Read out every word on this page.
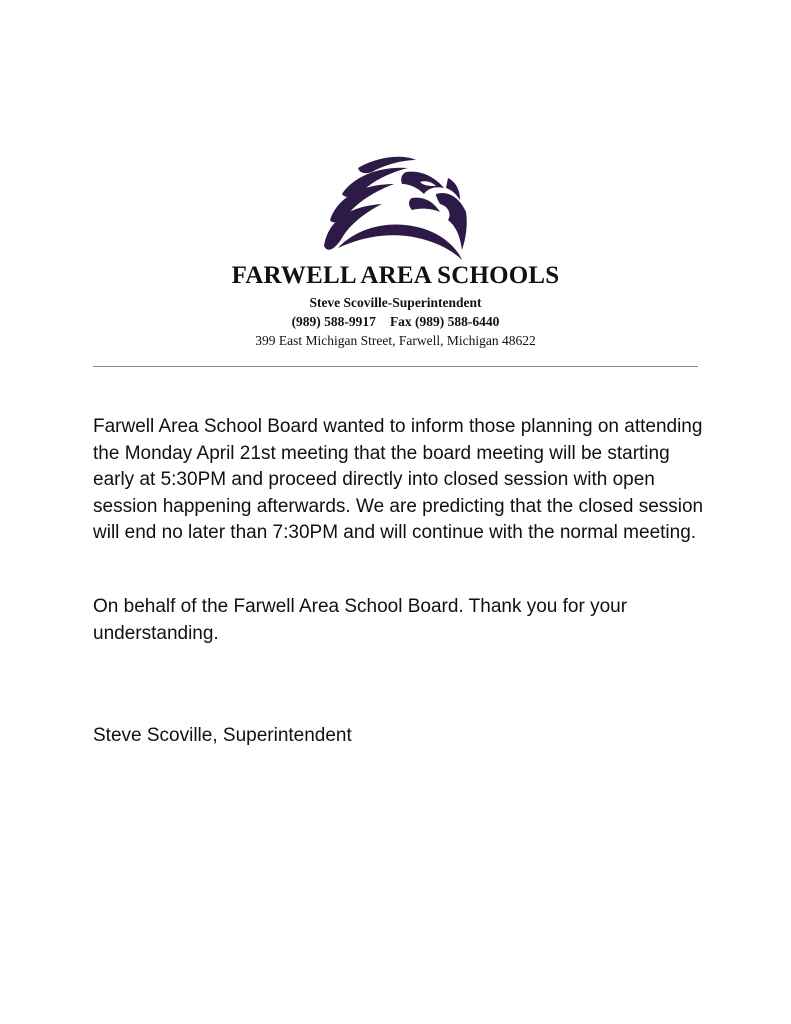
FARWELL AREA SCHOOLS
Steve Scoville-Superintendent
(989) 588-9917 Fax (989) 588-6440
399 East Michigan Street, Farwell, Michigan 48622

Farwell Area School Board wanted to inform those planning on attending the Monday April 21st meeting that the board meeting will be starting early at 5:30PM and proceed directly into closed session with open session happening afterwards. We are predicting that the closed session will end no later than 7:30PM and will continue with the normal meeting.

On behalf of the Farwell Area School Board. Thank you for your understanding.

Steve Scoville, Superintendent
